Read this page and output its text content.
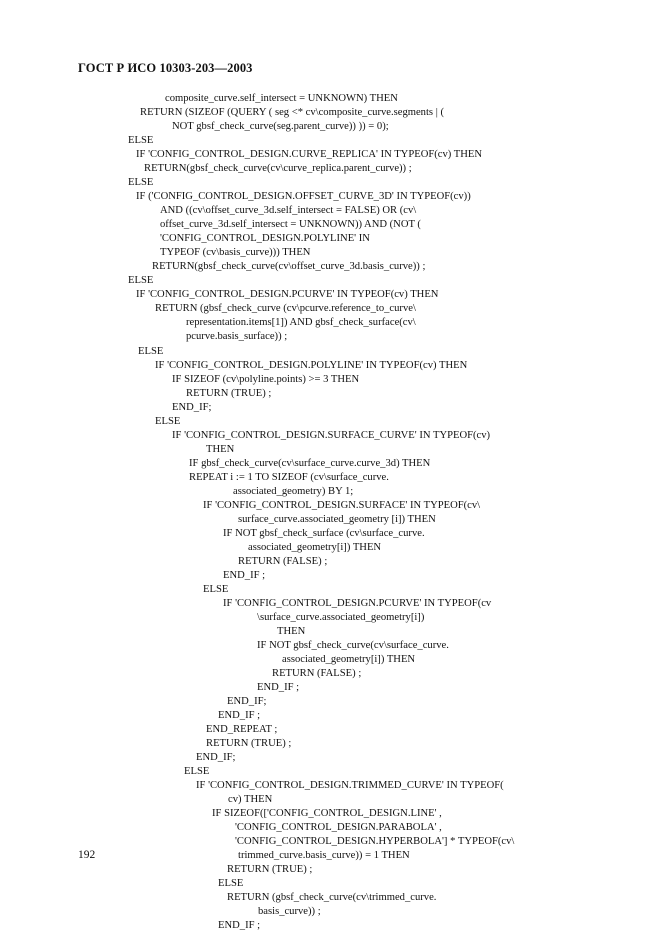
ГОСТ Р ИСО 10303-203—2003
composite_curve.self_intersect = UNKNOWN) THEN
RETURN (SIZEOF (QUERY ( seg <* cv\composite_curve.segments | (
NOT gbsf_check_curve(seg.parent_curve)) )) = 0);
ELSE
IF 'CONFIG_CONTROL_DESIGN.CURVE_REPLICA' IN TYPEOF(cv) THEN
RETURN(gbsf_check_curve(cv\curve_replica.parent_curve)) ;
ELSE
IF ('CONFIG_CONTROL_DESIGN.OFFSET_CURVE_3D' IN TYPEOF(cv))
AND ((cv\offset_curve_3d.self_intersect = FALSE) OR (cv\
offset_curve_3d.self_intersect = UNKNOWN)) AND (NOT (
'CONFIG_CONTROL_DESIGN.POLYLINE' IN
TYPEOF (cv\basis_curve))) THEN
RETURN(gbsf_check_curve(cv\offset_curve_3d.basis_curve)) ;
ELSE
IF 'CONFIG_CONTROL_DESIGN.PCURVE' IN TYPEOF(cv) THEN
RETURN (gbsf_check_curve (cv\pcurve.reference_to_curve\
representation.items[1]) AND gbsf_check_surface(cv\
pcurve.basis_surface)) ;
ELSE
IF 'CONFIG_CONTROL_DESIGN.POLYLINE' IN TYPEOF(cv) THEN
IF SIZEOF (cv\polyline.points) >= 3 THEN
RETURN (TRUE) ;
END_IF;
ELSE
IF 'CONFIG_CONTROL_DESIGN.SURFACE_CURVE' IN TYPEOF(cv)
THEN
IF gbsf_check_curve(cv\surface_curve.curve_3d) THEN
REPEAT i := 1 TO SIZEOF (cv\surface_curve.
associated_geometry) BY 1;
IF 'CONFIG_CONTROL_DESIGN.SURFACE' IN TYPEOF(cv\
surface_curve.associated_geometry [i]) THEN
IF NOT gbsf_check_surface (cv\surface_curve.
associated_geometry[i]) THEN
RETURN (FALSE) ;
END_IF ;
ELSE
IF 'CONFIG_CONTROL_DESIGN.PCURVE' IN TYPEOF(cv
\surface_curve.associated_geometry[i])
THEN
IF NOT gbsf_check_curve(cv\surface_curve.
associated_geometry[i]) THEN
RETURN (FALSE) ;
END_IF ;
END_IF;
END_IF ;
END_REPEAT ;
RETURN (TRUE) ;
END_IF;
ELSE
IF 'CONFIG_CONTROL_DESIGN.TRIMMED_CURVE' IN TYPEOF(
cv) THEN
IF SIZEOF(['CONFIG_CONTROL_DESIGN.LINE' ,
'CONFIG_CONTROL_DESIGN.PARABOLA' ,
'CONFIG_CONTROL_DESIGN.HYPERBOLA'] * TYPEOF(cv\
trimmed_curve.basis_curve)) = 1 THEN
RETURN (TRUE) ;
ELSE
RETURN (gbsf_check_curve(cv\trimmed_curve.
basis_curve)) ;
END_IF ;
192
